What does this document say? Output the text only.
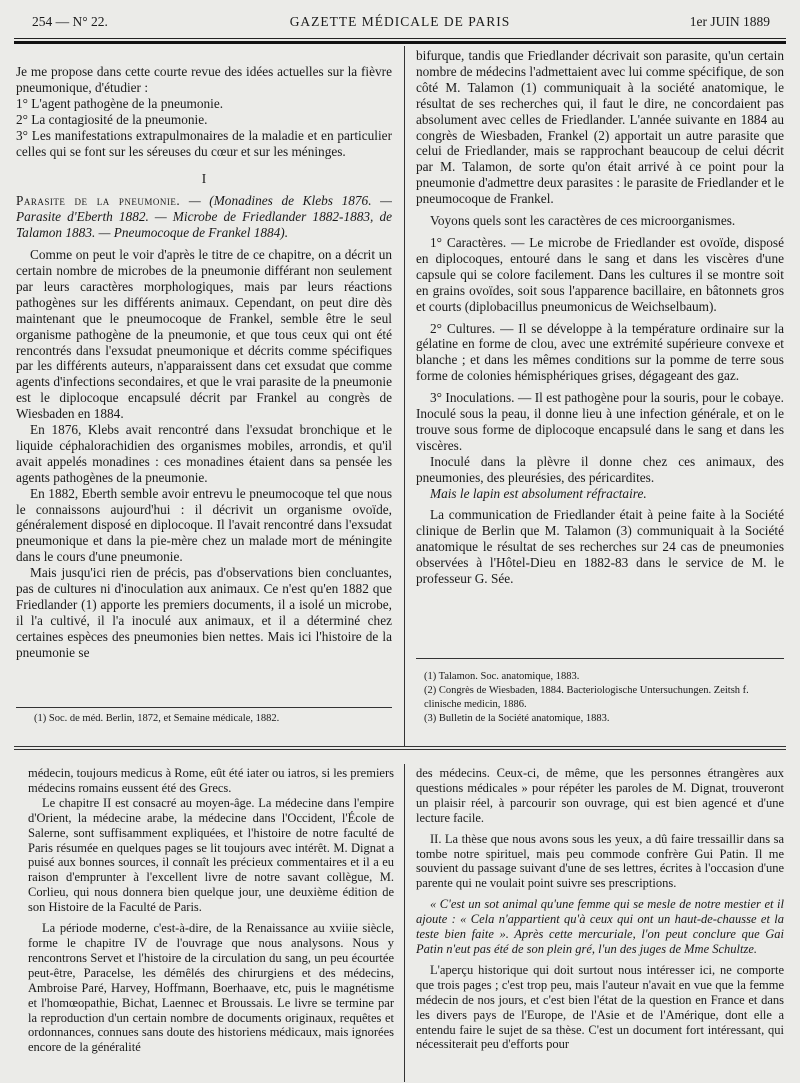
254 — N° 22.	GAZETTE MÉDICALE DE PARIS	1er JUIN 1889

Je me propose dans cette courte revue des idées actuelles sur la fièvre pneumonique, d'étudier :

1° L'agent pathogène de la pneumonie.

2° La contagiosité de la pneumonie.

3° Les manifestations extrapulmonaires de la maladie et en particulier celles qui se font sur les séreuses du cœur et sur les méninges.

I

Parasite de la pneumonie. — (Monadines de Klebs 1876. — Parasite d'Eberth 1882. — Microbe de Friedlander 1882-1883, de Talamon 1883. — Pneumocoque de Frankel 1884).

Comme on peut le voir d'après le titre de ce chapitre, on a décrit un certain nombre de microbes de la pneumonie différant non seulement par leurs caractères morphologiques, mais par leurs réactions pathogènes sur les différents animaux. Cependant, on peut dire dès maintenant que le pneumocoque de Frankel, semble être le seul organisme pathogène de la pneumonie, et que tous ceux qui ont été rencontrés dans l'exsudat pneumonique et décrits comme spécifiques par les différents auteurs, n'apparaissent dans cet exsudat que comme agents d'infections secondaires, et que le vrai parasite de la pneumonie est le diplocoque encapsulé décrit par Frankel au congrès de Wiesbaden en 1884.

En 1876, Klebs avait rencontré dans l'exsudat bronchique et le liquide céphalorachidien des organismes mobiles, arrondis, et qu'il avait appelés monadines : ces monadines étaient dans sa pensée les agents pathogènes de la pneumonie.

En 1882, Eberth semble avoir entrevu le pneumocoque tel que nous le connaissons aujourd'hui : il décrivit un organisme ovoïde, généralement disposé en diplocoque. Il l'avait rencontré dans l'exsudat pneumonique et dans la pie-mère chez un malade mort de méningite dans le cours d'une pneumonie.

Mais jusqu'ici rien de précis, pas d'observations bien concluantes, pas de cultures ni d'inoculation aux animaux. Ce n'est qu'en 1882 que Friedlander (1) apporte les premiers documents, il a isolé un microbe, il l'a cultivé, il l'a inoculé aux animaux, et il a déterminé chez certaines espèces des pneumonies bien nettes. Mais ici l'histoire de la pneumonie se

(1) Soc. de méd. Berlin, 1872, et Semaine médicale, 1882.

bifurque, tandis que Friedlander décrivait son parasite, qu'un certain nombre de médecins l'admettaient avec lui comme spécifique, de son côté M. Talamon (1) communiquait à la société anatomique, le résultat de ses recherches qui, il faut le dire, ne concordaient pas absolument avec celles de Friedlander. L'année suivante en 1884 au congrès de Wiesbaden, Frankel (2) apportait un autre parasite que celui de Friedlander, mais se rapprochant beaucoup de celui décrit par M. Talamon, de sorte qu'on était arrivé à ce point pour la pneumonie d'admettre deux parasites : le parasite de Friedlander et le pneumocoque de Frankel.

Voyons quels sont les caractères de ces microorganismes.

1° Caractères. — Le microbe de Friedlander est ovoïde, disposé en diplocoques, entouré dans le sang et dans les viscères d'une capsule qui se colore facilement. Dans les cultures il se montre soit en grains ovoïdes, soit sous l'apparence bacillaire, en bâtonnets gros et courts (diplobacillus pneumonicus de Weichselbaum).

2° Cultures. — Il se développe à la température ordinaire sur la gélatine en forme de clou, avec une extrémité supérieure convexe et blanche ; et dans les mêmes conditions sur la pomme de terre sous forme de colonies hémisphériques grises, dégageant des gaz.

3° Inoculations. — Il est pathogène pour la souris, pour le cobaye. Inoculé sous la peau, il donne lieu à une infection générale, et on le trouve sous forme de diplocoque encapsulé dans le sang et dans les viscères.

Inoculé dans la plèvre il donne chez ces animaux, des pneumonies, des pleurésies, des péricardites.

Mais le lapin est absolument réfractaire.

La communication de Friedlander était à peine faite à la Société clinique de Berlin que M. Talamon (3) communiquait à la Société anatomique le résultat de ses recherches sur 24 cas de pneumonies observées à l'Hôtel-Dieu en 1882-83 dans le service de M. le professeur G. Sée.

(1) Talamon. Soc. anatomique, 1883.

(2) Congrès de Wiesbaden, 1884. Bacteriologische Untersuchungen. Zeitsh f. clinische medicin, 1886.

(3) Bulletin de la Société anatomique, 1883.

médecin, toujours medicus à Rome, eût été iater ou iatros, si les premiers médecins romains eussent été des Grecs.

Le chapitre II est consacré au moyen-âge. La médecine dans l'empire d'Orient, la médecine arabe, la médecine dans l'Occident, l'École de Salerne, sont suffisamment expliquées, et l'histoire de notre faculté de Paris résumée en quelques pages se lit toujours avec intérêt. M. Dignat a puisé aux bonnes sources, il connaît les précieux commentaires et il a eu raison d'emprunter à l'excellent livre de notre savant collègue, M. Corlieu, qui nous donnera bien quelque jour, une deuxième édition de son Histoire de la Faculté de Paris.

La période moderne, c'est-à-dire, de la Renaissance au xviiie siècle, forme le chapitre IV de l'ouvrage que nous analysons. Nous y rencontrons Servet et l'histoire de la circulation du sang, un peu écourtée peut-être, Paracelse, les démêlés des chirurgiens et des médecins, Ambroise Paré, Harvey, Hoffmann, Boerhaave, etc, puis le magnétisme et l'homœopathie, Bichat, Laennec et Broussais. Le livre se termine par la reproduction d'un certain nombre de documents originaux, requêtes et ordonnances, connues sans doute des historiens médicaux, mais ignorées encore de la généralité

des médecins. Ceux-ci, de même, que les personnes étrangères aux questions médicales » pour répéter les paroles de M. Dignat, trouveront un plaisir réel, à parcourir son ouvrage, qui est bien agencé et d'une lecture facile.

II. La thèse que nous avons sous les yeux, a dû faire tressaillir dans sa tombe notre spirituel, mais peu commode confrère Gui Patin. Il me souvient du passage suivant d'une de ses lettres, écrites à l'occasion d'une parente qui ne voulait point suivre ses prescriptions.

« C'est un sot animal qu'une femme qui se mesle de notre mestier et il ajoute : « Cela n'appartient qu'à ceux qui ont un haut-de-chausse et la teste bien faite ». Après cette mercuriale, l'on peut conclure que Gai Patin n'eut pas été de son plein gré, l'un des juges de Mme Schultze.

L'aperçu historique qui doit surtout nous intéresser ici, ne comporte que trois pages ; c'est trop peu, mais l'auteur n'avait en vue que la femme médecin de nos jours, et c'est bien l'état de la question en France et dans les divers pays de l'Europe, de l'Asie et de l'Amérique, dont elle a entendu faire le sujet de sa thèse. C'est un document fort intéressant, qui nécessiterait peu d'efforts pour
